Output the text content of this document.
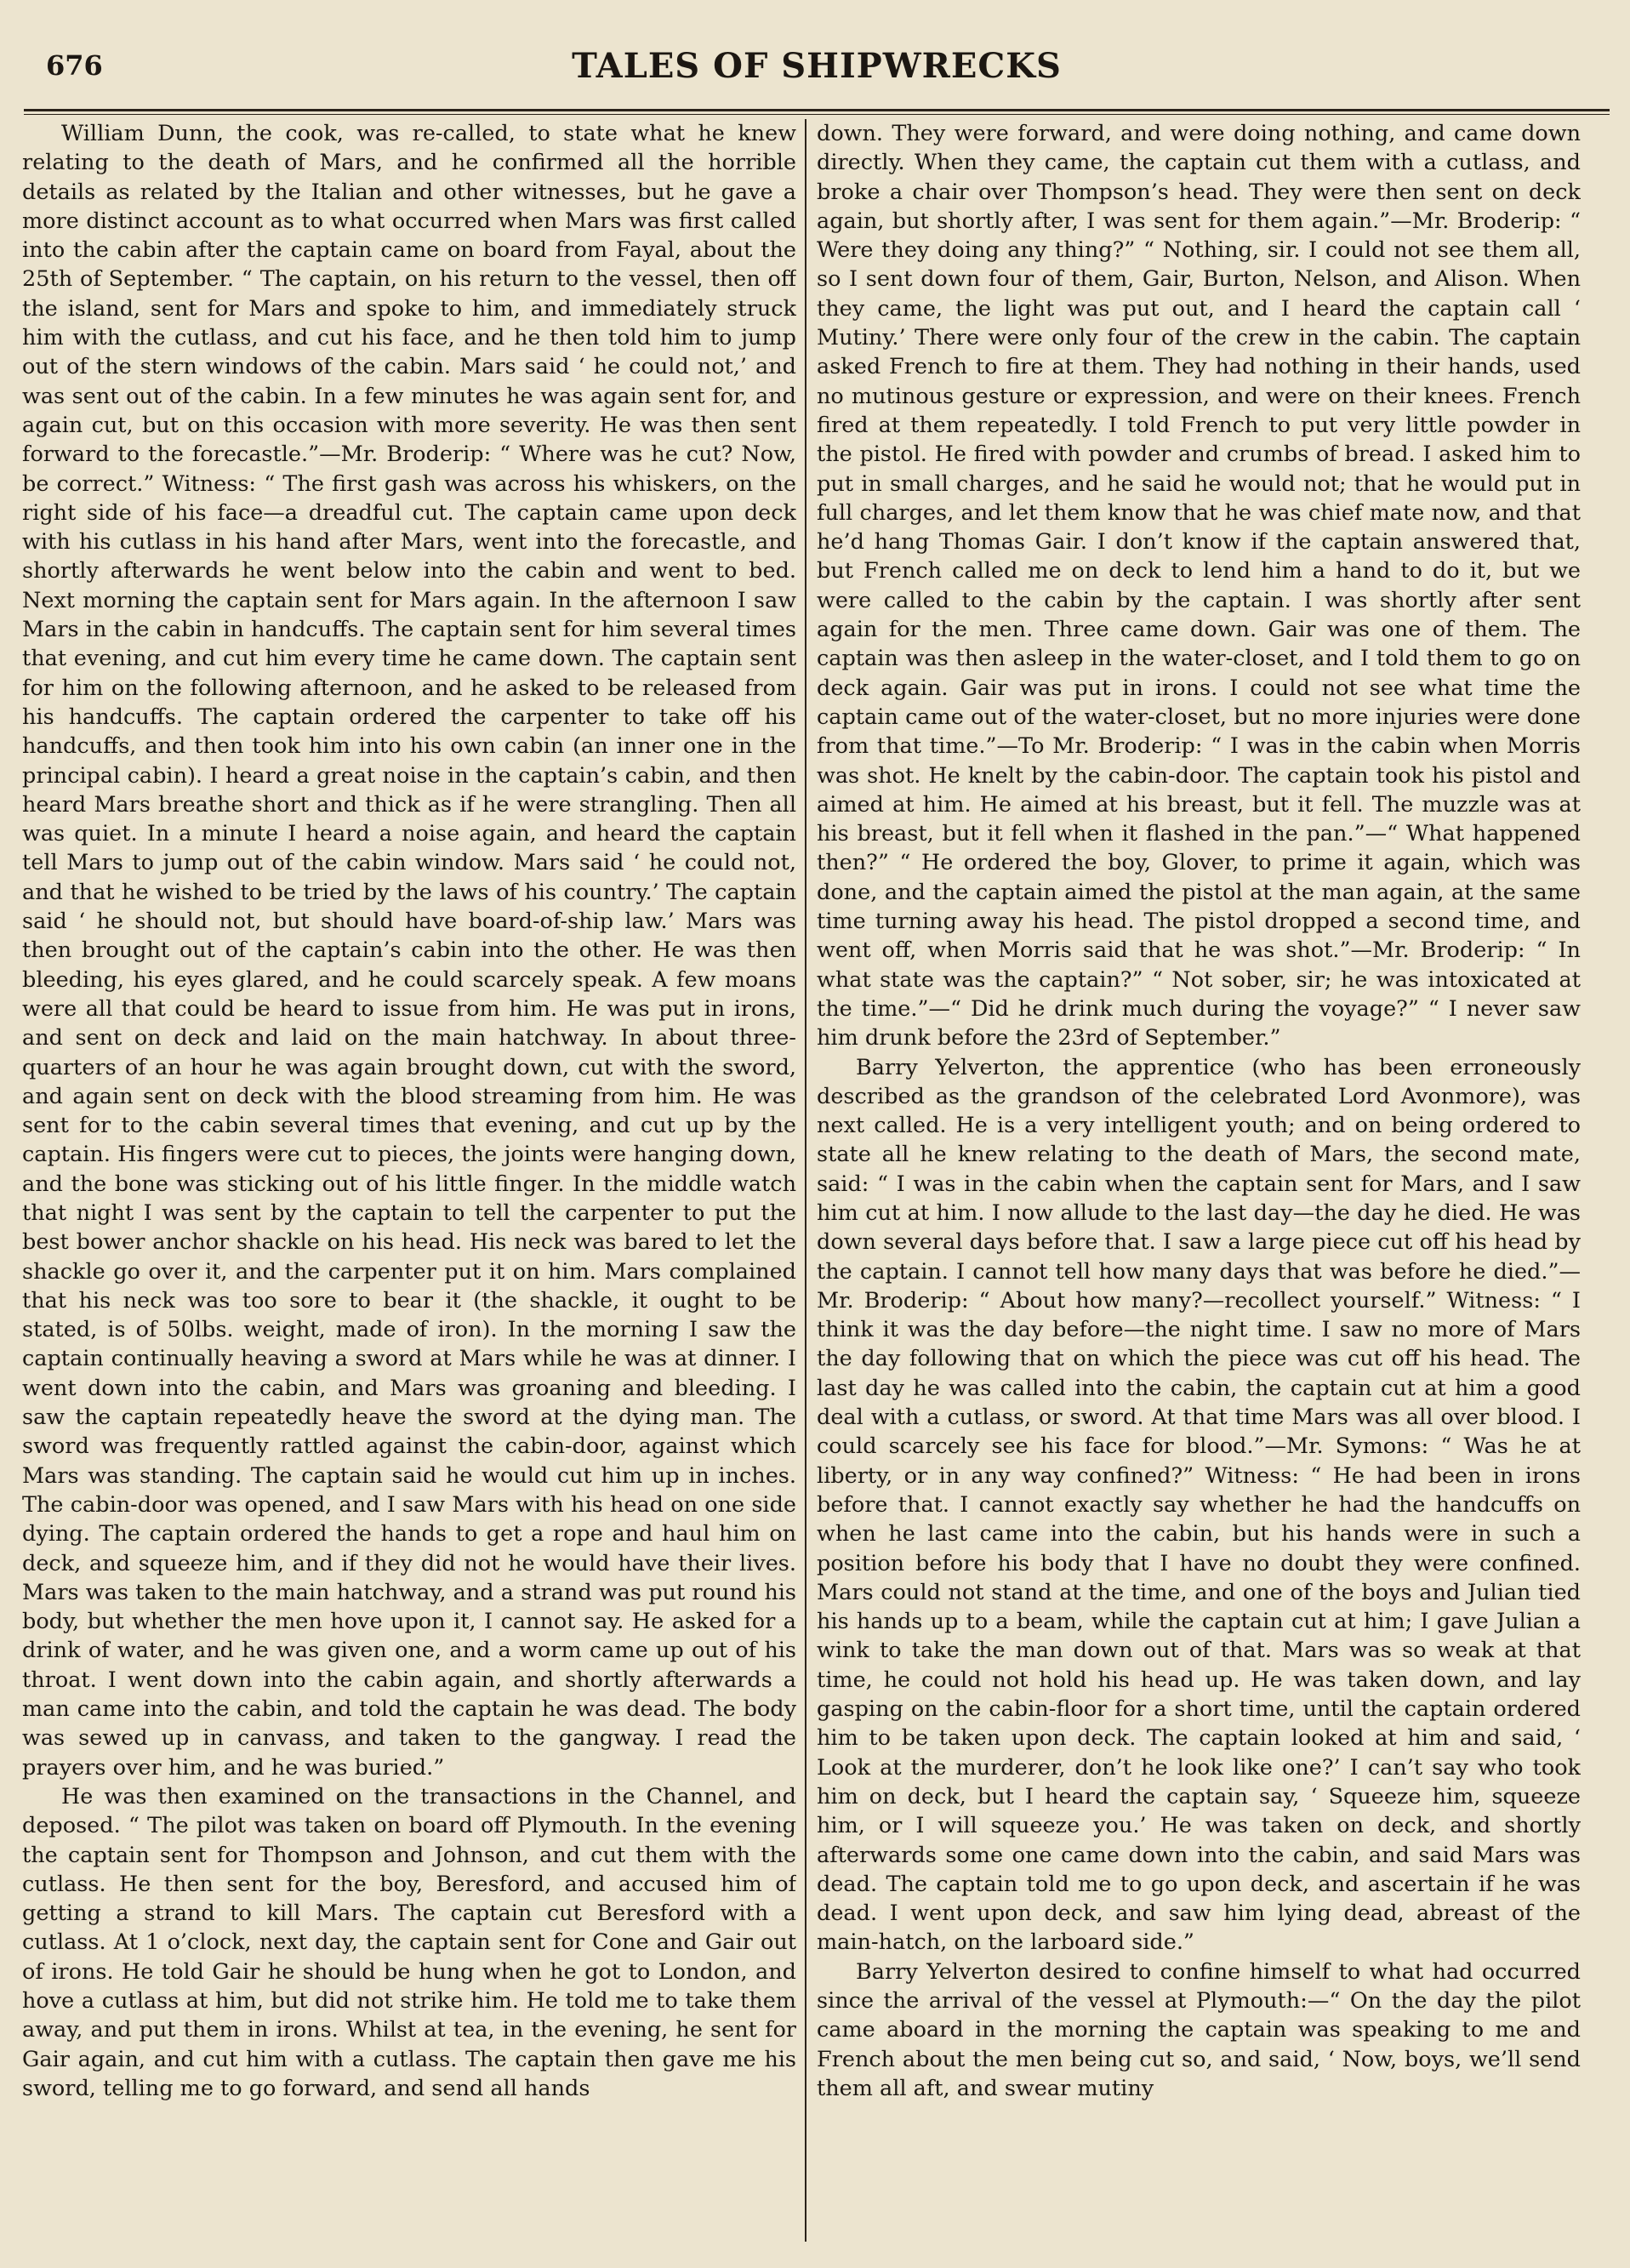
676	TALES OF SHIPWRECKS

William Dunn, the cook, was re-called, to state what he knew relating to the death of Mars, and he confirmed all the horrible details as related by the Italian and other witnesses, but he gave a more distinct account as to what occurred when Mars was first called into the cabin after the captain came on board from Fayal, about the 25th of September. “ The captain, on his return to the vessel, then off the island, sent for Mars and spoke to him, and immediately struck him with the cutlass, and cut his face, and he then told him to jump out of the stern windows of the cabin. Mars said ‘ he could not,’ and was sent out of the cabin. In a few minutes he was again sent for, and again cut, but on this occasion with more severity. He was then sent forward to the forecastle.”—Mr. Broderip: “ Where was he cut? Now, be correct.” Witness: “ The first gash was across his whiskers, on the right side of his face—a dreadful cut. The captain came upon deck with his cutlass in his hand after Mars, went into the forecastle, and shortly afterwards he went below into the cabin and went to bed. Next morning the captain sent for Mars again. In the afternoon I saw Mars in the cabin in handcuffs. The captain sent for him several times that evening, and cut him every time he came down. The captain sent for him on the following afternoon, and he asked to be released from his handcuffs. The captain ordered the carpenter to take off his handcuffs, and then took him into his own cabin (an inner one in the principal cabin). I heard a great noise in the captain’s cabin, and then heard Mars breathe short and thick as if he were strangling. Then all was quiet. In a minute I heard a noise again, and heard the captain tell Mars to jump out of the cabin window. Mars said ‘ he could not, and that he wished to be tried by the laws of his country.’ The captain said ‘ he should not, but should have board-of-ship law.’ Mars was then brought out of the captain’s cabin into the other. He was then bleeding, his eyes glared, and he could scarcely speak. A few moans were all that could be heard to issue from him. He was put in irons, and sent on deck and laid on the main hatchway. In about three-quarters of an hour he was again brought down, cut with the sword, and again sent on deck with the blood streaming from him. He was sent for to the cabin several times that evening, and cut up by the captain. His fingers were cut to pieces, the joints were hanging down, and the bone was sticking out of his little finger. In the middle watch that night I was sent by the captain to tell the carpenter to put the best bower anchor shackle on his head. His neck was bared to let the shackle go over it, and the carpenter put it on him. Mars complained that his neck was too sore to bear it (the shackle, it ought to be stated, is of 50lbs. weight, made of iron). In the morning I saw the captain continually heaving a sword at Mars while he was at dinner. I went down into the cabin, and Mars was groaning and bleeding. I saw the captain repeatedly heave the sword at the dying man. The sword was frequently rattled against the cabin-door, against which Mars was standing. The captain said he would cut him up in inches. The cabin-door was opened, and I saw Mars with his head on one side dying. The captain ordered the hands to get a rope and haul him on deck, and squeeze him, and if they did not he would have their lives. Mars was taken to the main hatchway, and a strand was put round his body, but whether the men hove upon it, I cannot say. He asked for a drink of water, and he was given one, and a worm came up out of his throat. I went down into the cabin again, and shortly afterwards a man came into the cabin, and told the captain he was dead. The body was sewed up in canvass, and taken to the gangway. I read the prayers over him, and he was buried.”

He was then examined on the transactions in the Channel, and deposed. “ The pilot was taken on board off Plymouth. In the evening the captain sent for Thompson and Johnson, and cut them with the cutlass. He then sent for the boy, Beresford, and accused him of getting a strand to kill Mars. The captain cut Beresford with a cutlass. At 1 o’clock, next day, the captain sent for Cone and Gair out of irons. He told Gair he should be hung when he got to London, and hove a cutlass at him, but did not strike him. He told me to take them away, and put them in irons. Whilst at tea, in the evening, he sent for Gair again, and cut him with a cutlass. The captain then gave me his sword, telling me to go forward, and send all hands

down. They were forward, and were doing nothing, and came down directly. When they came, the captain cut them with a cutlass, and broke a chair over Thompson’s head. They were then sent on deck again, but shortly after, I was sent for them again.”—Mr. Broderip: “ Were they doing any thing?” “ Nothing, sir. I could not see them all, so I sent down four of them, Gair, Burton, Nelson, and Alison. When they came, the light was put out, and I heard the captain call ‘ Mutiny.’ There were only four of the crew in the cabin. The captain asked French to fire at them. They had nothing in their hands, used no mutinous gesture or expression, and were on their knees. French fired at them repeatedly. I told French to put very little powder in the pistol. He fired with powder and crumbs of bread. I asked him to put in small charges, and he said he would not; that he would put in full charges, and let them know that he was chief mate now, and that he’d hang Thomas Gair. I don’t know if the captain answered that, but French called me on deck to lend him a hand to do it, but we were called to the cabin by the captain. I was shortly after sent again for the men. Three came down. Gair was one of them. The captain was then asleep in the water-closet, and I told them to go on deck again. Gair was put in irons. I could not see what time the captain came out of the water-closet, but no more injuries were done from that time.”—To Mr. Broderip: “ I was in the cabin when Morris was shot. He knelt by the cabin-door. The captain took his pistol and aimed at him. He aimed at his breast, but it fell. The muzzle was at his breast, but it fell when it flashed in the pan.”—“ What happened then?” “ He ordered the boy, Glover, to prime it again, which was done, and the captain aimed the pistol at the man again, at the same time turning away his head. The pistol dropped a second time, and went off, when Morris said that he was shot.”—Mr. Broderip: “ In what state was the captain?” “ Not sober, sir; he was intoxicated at the time.”—“ Did he drink much during the voyage?” “ I never saw him drunk before the 23rd of September.”

Barry Yelverton, the apprentice (who has been erroneously described as the grandson of the celebrated Lord Avonmore), was next called. He is a very intelligent youth; and on being ordered to state all he knew relating to the death of Mars, the second mate, said: “ I was in the cabin when the captain sent for Mars, and I saw him cut at him. I now allude to the last day—the day he died. He was down several days before that. I saw a large piece cut off his head by the captain. I cannot tell how many days that was before he died.”—Mr. Broderip: “ About how many?—recollect yourself.” Witness: “ I think it was the day before—the night time. I saw no more of Mars the day following that on which the piece was cut off his head. The last day he was called into the cabin, the captain cut at him a good deal with a cutlass, or sword. At that time Mars was all over blood. I could scarcely see his face for blood.”—Mr. Symons: “ Was he at liberty, or in any way confined?” Witness: “ He had been in irons before that. I cannot exactly say whether he had the handcuffs on when he last came into the cabin, but his hands were in such a position before his body that I have no doubt they were confined. Mars could not stand at the time, and one of the boys and Julian tied his hands up to a beam, while the captain cut at him; I gave Julian a wink to take the man down out of that. Mars was so weak at that time, he could not hold his head up. He was taken down, and lay gasping on the cabin-floor for a short time, until the captain ordered him to be taken upon deck. The captain looked at him and said, ‘ Look at the murderer, don’t he look like one?’ I can’t say who took him on deck, but I heard the captain say, ‘ Squeeze him, squeeze him, or I will squeeze you.’ He was taken on deck, and shortly afterwards some one came down into the cabin, and said Mars was dead. The captain told me to go upon deck, and ascertain if he was dead. I went upon deck, and saw him lying dead, abreast of the main-hatch, on the larboard side.”

Barry Yelverton desired to confine himself to what had occurred since the arrival of the vessel at Plymouth:—“ On the day the pilot came aboard in the morning the captain was speaking to me and French about the men being cut so, and said, ‘ Now, boys, we’ll send them all aft, and swear mutiny
